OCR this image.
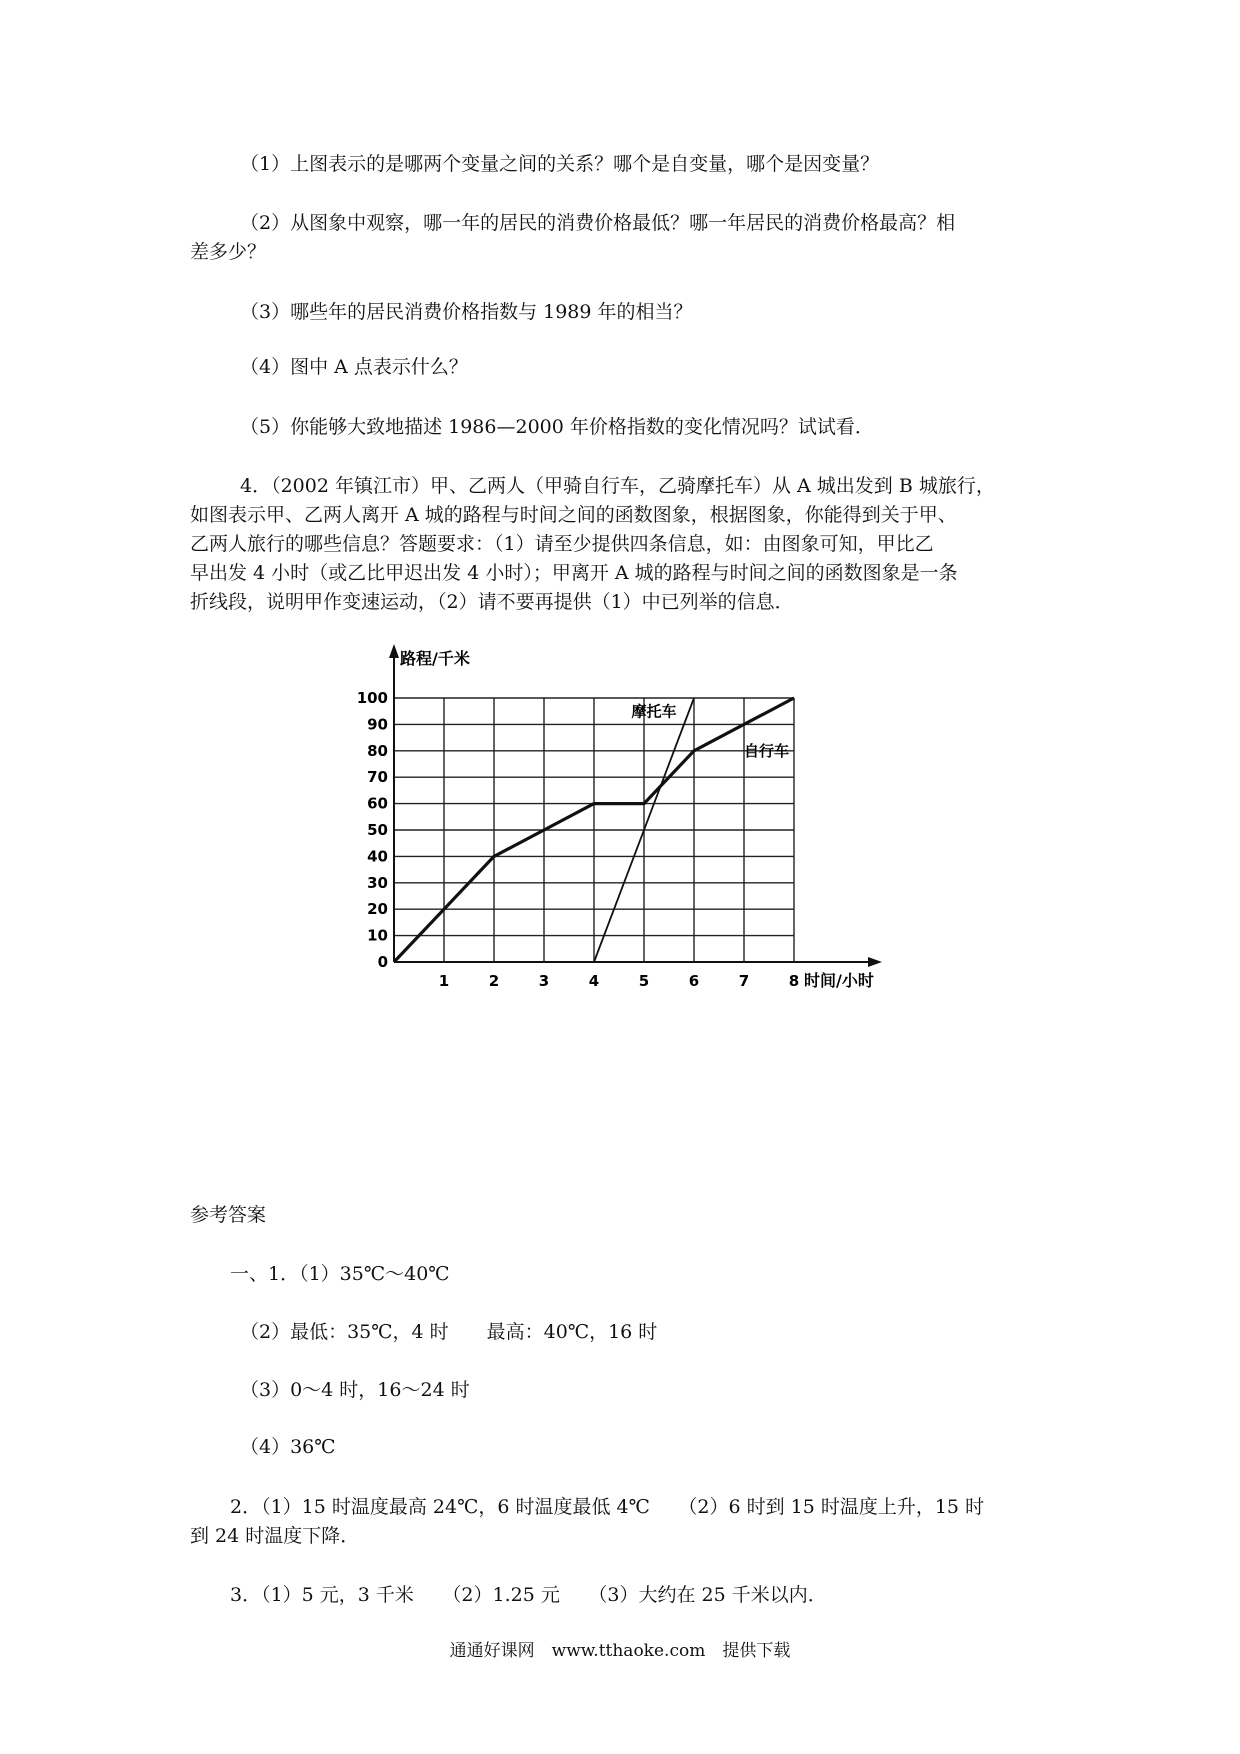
（1）上图表示的是哪两个变量之间的关系？哪个是自变量，哪个是因变量？
（2）从图象中观察，哪一年的居民的消费价格最低？哪一年居民的消费价格最高？相
差多少？
（3）哪些年的居民消费价格指数与 1989 年的相当？
（4）图中 A 点表示什么？
（5）你能够大致地描述 1986—2000 年价格指数的变化情况吗？试试看．
4．（2002 年镇江市）甲、乙两人（甲骑自行车，乙骑摩托车）从 A 城出发到 B 城旅行，
如图表示甲、乙两人离开 A 城的路程与时间之间的函数图象，根据图象，你能得到关于甲、
乙两人旅行的哪些信息？答题要求：（1）请至少提供四条信息，如：由图象可知，甲比乙
早出发 4 小时（或乙比甲迟出发 4 小时）；甲离开 A 城的路程与时间之间的函数图象是一条
折线段，说明甲作变速运动，（2）请不要再提供（1）中已列举的信息．
1	2	3	4	5	6	7	8
0
10
20
30
40
50
60
70
80
90
100
时间/小时
路程/千米
自行车
摩托车
参考答案
一、1．（1）35℃～40℃
（2）最低：35℃，4 时　　最高：40℃，16 时
（3）0～4 时，16～24 时
（4）36℃
2．（1）15 时温度最高 24℃，6 时温度最低 4℃　　（2）6 时到 15 时温度上升，15 时
到 24 时温度下降．
3．（1）5 元，3 千米　　（2）1.25 元　　（3）大约在 25 千米以内．
通通好课网　www.tthaoke.com　提供下载
